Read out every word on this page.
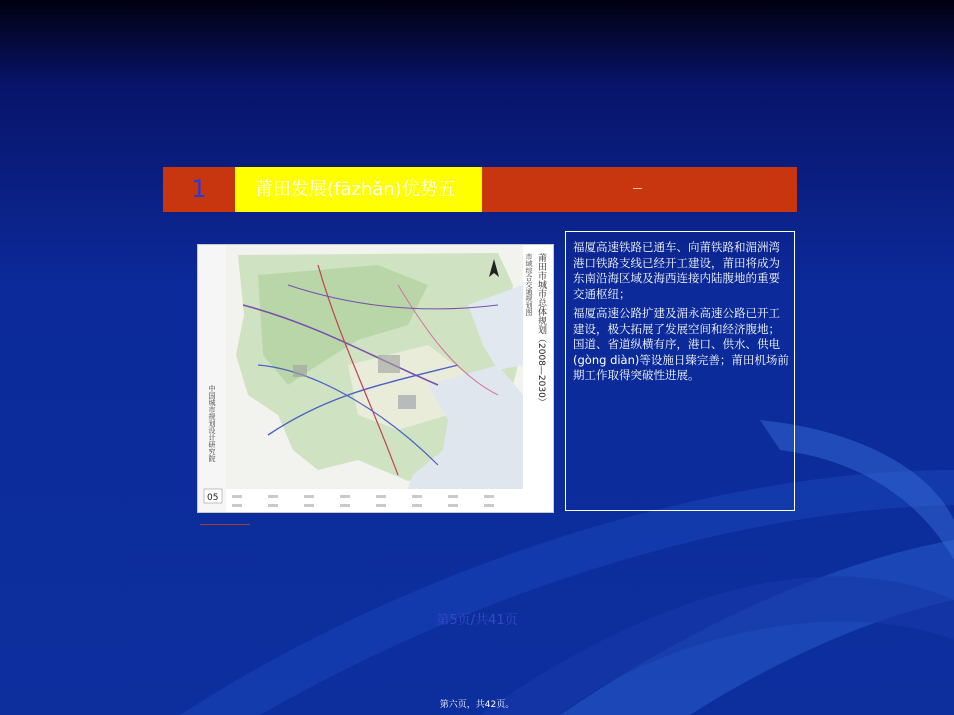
1	莆田发展(fāzhǎn)优势五
中国城市规划设计研究院
05
莆田市城市总体规划（2008—2030）
市域综合交通规划图

福厦高速铁路已通车、向莆铁路和湄洲湾港口铁路支线已经开工建设，莆田将成为东南沿海区域及海西连接内陆腹地的重要交通枢纽；

福厦高速公路扩建及湄永高速公路已开工建设，极大拓展了发展空间和经济腹地；国道、省道纵横有序，港口、供水、供电(gòng diàn)等设施日臻完善；莆田机场前期工作取得突破性进展。

第5页/共41页
第六页，共42页。
